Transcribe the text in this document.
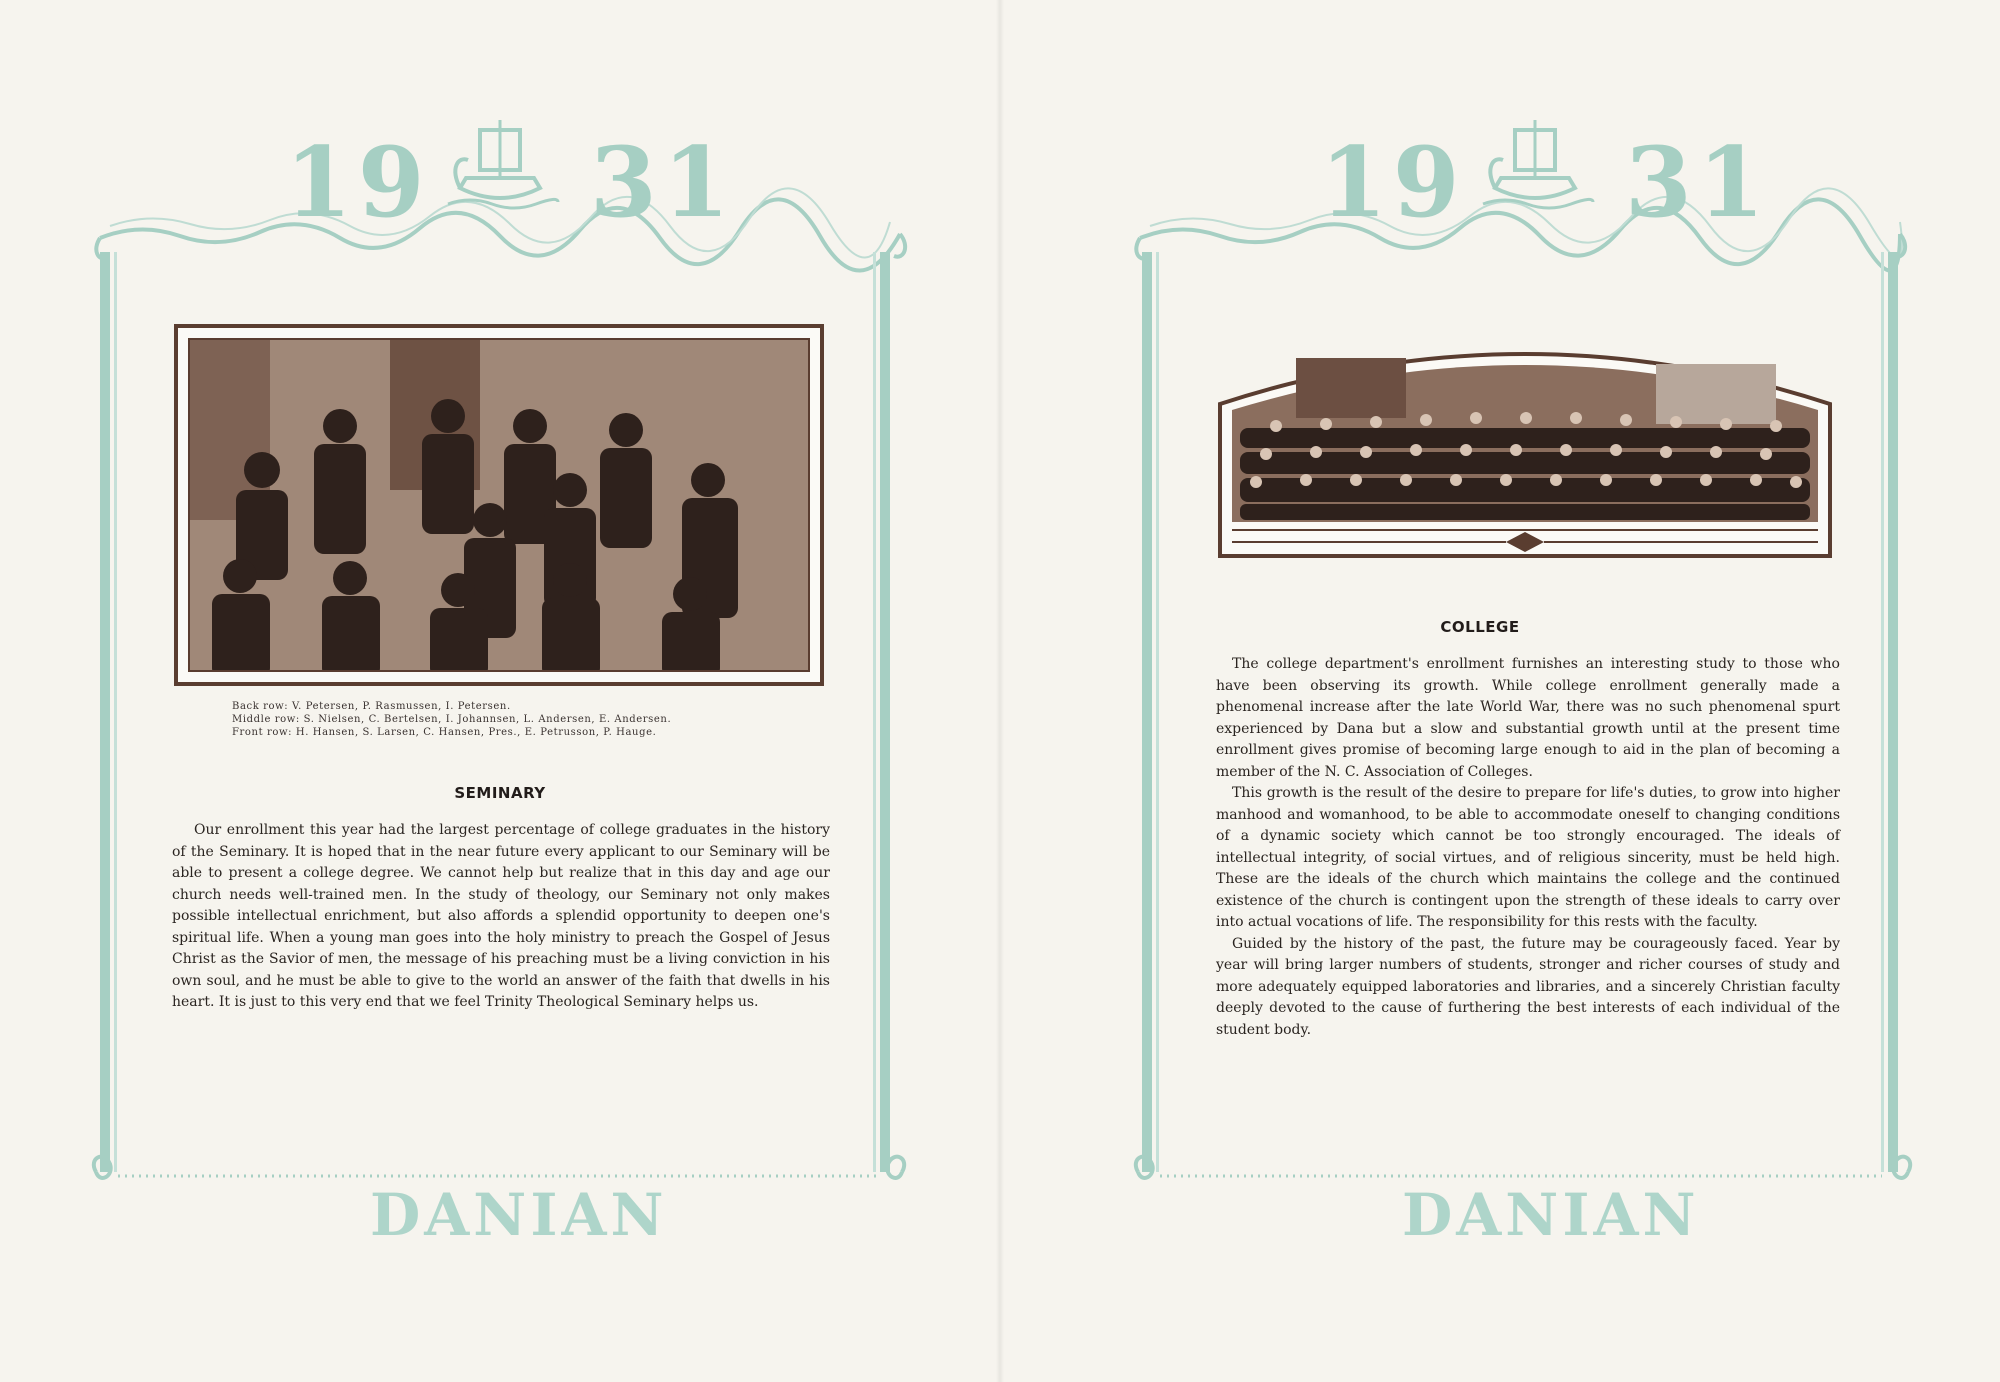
19 31
Back row: V. Petersen, P. Rasmussen, I. Petersen.
Middle row: S. Nielsen, C. Bertelsen, I. Johannsen, L. Andersen, E. Andersen.
Front row: H. Hansen, S. Larsen, C. Hansen, Pres., E. Petrusson, P. Hauge.
SEMINARY

Our enrollment this year had the largest percentage of college graduates in the history of the Seminary. It is hoped that in the near future every applicant to our Seminary will be able to present a college degree. We cannot help but realize that in this day and age our church needs well-trained men. In the study of theology, our Seminary not only makes possible intellectual enrichment, but also affords a splendid opportunity to deepen one's spiritual life. When a young man goes into the holy ministry to preach the Gospel of Jesus Christ as the Savior of men, the message of his preaching must be a living conviction in his own soul, and he must be able to give to the world an answer of the faith that dwells in his heart. It is just to this very end that we feel Trinity Theological Seminary helps us.

DANIAN
19 31
COLLEGE

The college department's enrollment furnishes an interesting study to those who have been observing its growth. While college enrollment generally made a phenomenal increase after the late World War, there was no such phenomenal spurt experienced by Dana but a slow and substantial growth until at the present time enrollment gives promise of becoming large enough to aid in the plan of becoming a member of the N. C. Association of Colleges.

This growth is the result of the desire to prepare for life's duties, to grow into higher manhood and womanhood, to be able to accommodate oneself to changing conditions of a dynamic society which cannot be too strongly encouraged. The ideals of intellectual integrity, of social virtues, and of religious sincerity, must be held high. These are the ideals of the church which maintains the college and the continued existence of the church is contingent upon the strength of these ideals to carry over into actual vocations of life. The responsibility for this rests with the faculty.

Guided by the history of the past, the future may be courageously faced. Year by year will bring larger numbers of students, stronger and richer courses of study and more adequately equipped laboratories and libraries, and a sincerely Christian faculty deeply devoted to the cause of furthering the best interests of each individual of the student body.

DANIAN
